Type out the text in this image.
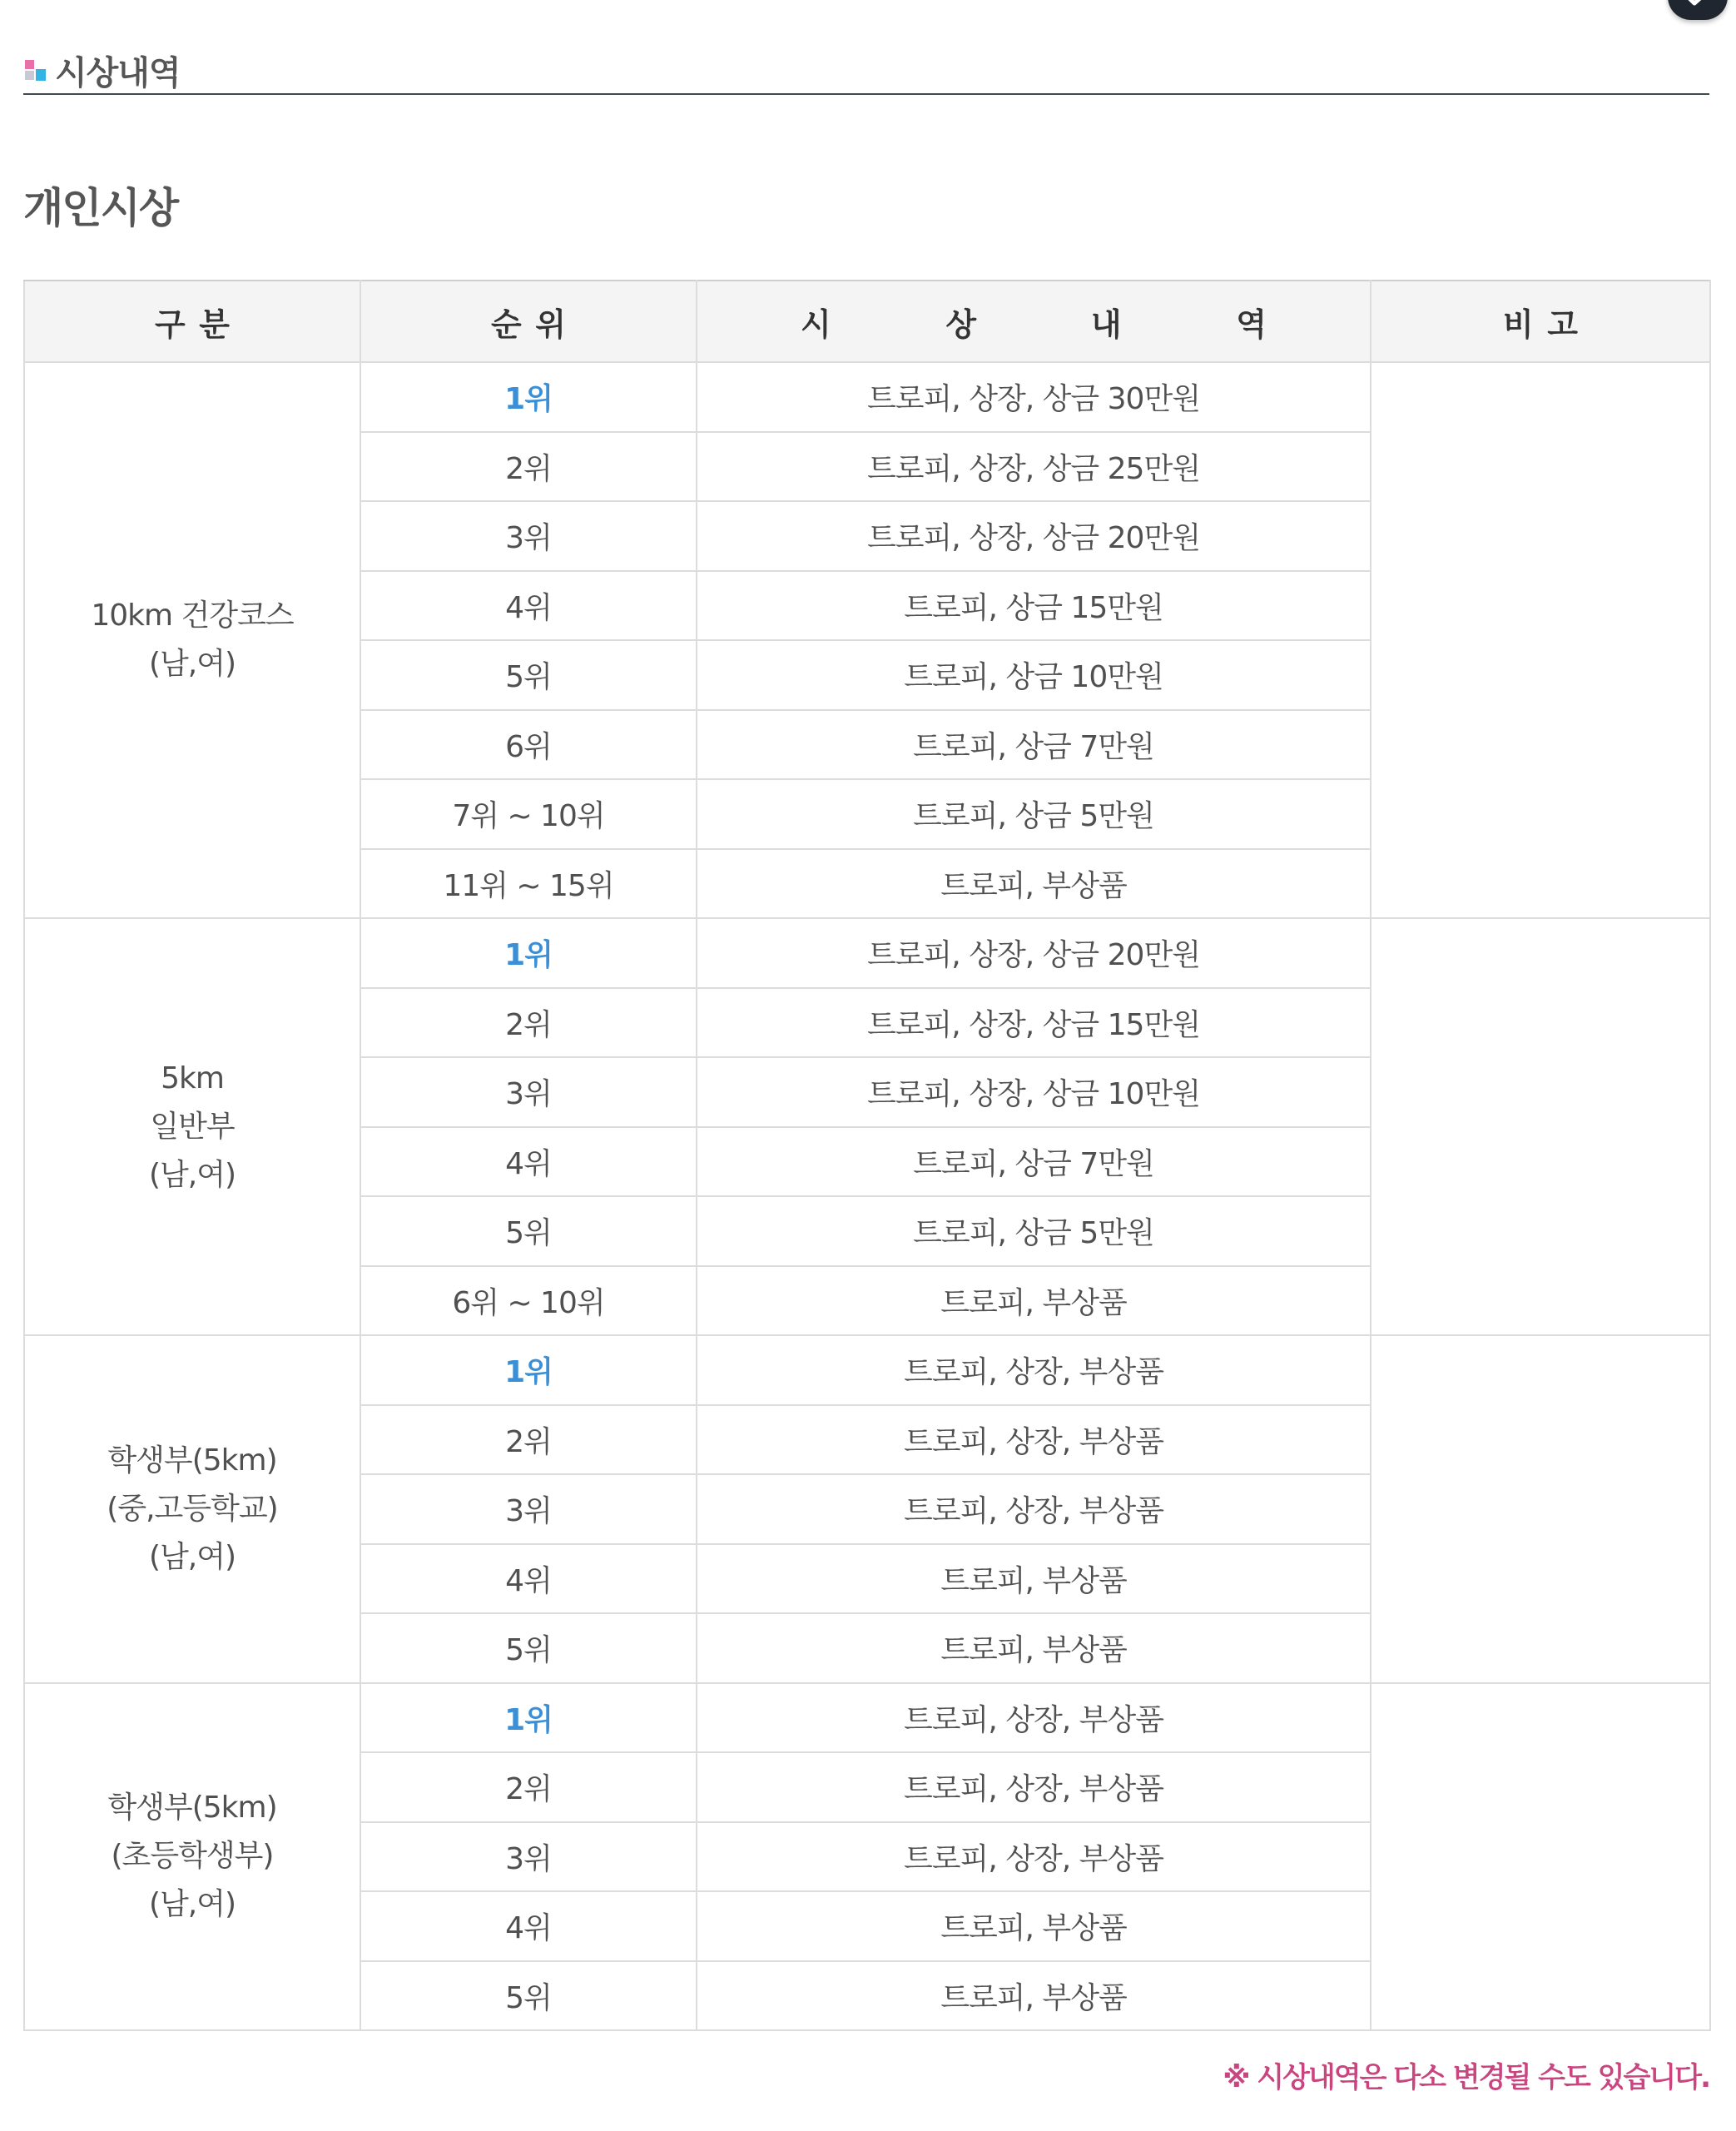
시상내역
개인시상
구 분	순 위	시 상 내 역	비 고

10km 건강코스
(남,여)	1위	트로피, 상장, 상금 30만원	
	2위	트로피, 상장, 상금 25만원	
	3위	트로피, 상장, 상금 20만원	
	4위	트로피, 상금 15만원	
	5위	트로피, 상금 10만원	
	6위	트로피, 상금 7만원	
	7위 ~ 10위	트로피, 상금 5만원	
	11위 ~ 15위	트로피, 부상품	

5km
일반부
(남,여)	1위	트로피, 상장, 상금 20만원	
	2위	트로피, 상장, 상금 15만원	
	3위	트로피, 상장, 상금 10만원	
	4위	트로피, 상금 7만원	
	5위	트로피, 상금 5만원	
	6위 ~ 10위	트로피, 부상품	

학생부(5km)
(중,고등학교)
(남,여)	1위	트로피, 상장, 부상품	
	2위	트로피, 상장, 부상품	
	3위	트로피, 상장, 부상품	
	4위	트로피, 부상품	
	5위	트로피, 부상품	

학생부(5km)
(초등학생부)
(남,여)	1위	트로피, 상장, 부상품	
	2위	트로피, 상장, 부상품	
	3위	트로피, 상장, 부상품	
	4위	트로피, 부상품	
	5위	트로피, 부상품	
※ 시상내역은 다소 변경될 수도 있습니다.
